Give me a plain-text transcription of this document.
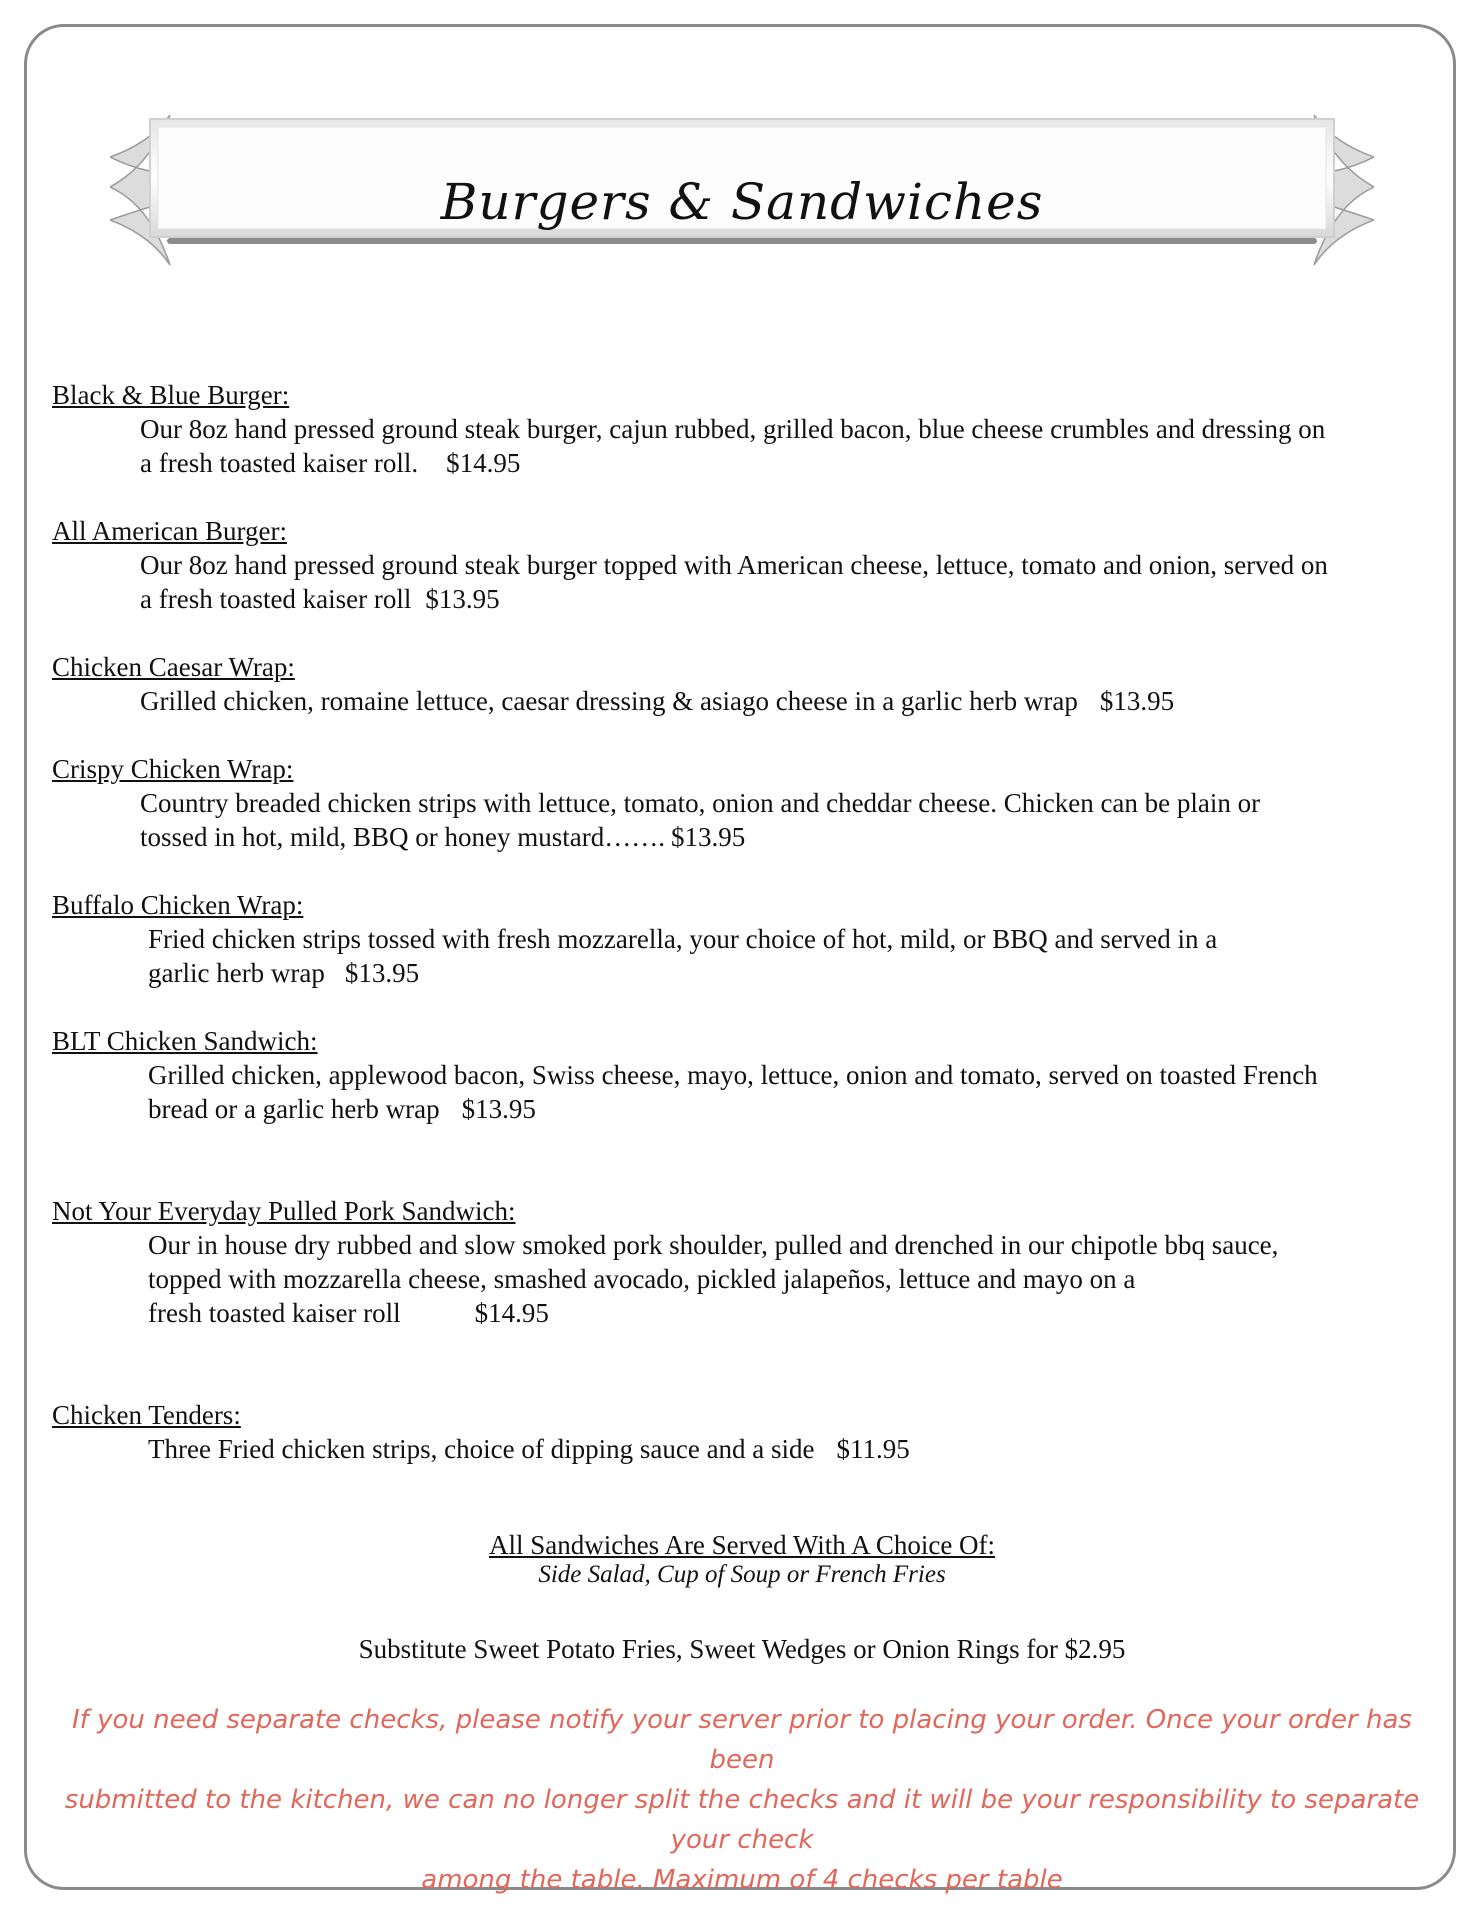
Burgers & Sandwiches
Black & Blue Burger:
Our 8oz hand pressed ground steak burger, cajun rubbed, grilled bacon, blue cheese crumbles and dressing on
a fresh toasted kaiser roll. $14.95
All American Burger:
Our 8oz hand pressed ground steak burger topped with American cheese, lettuce, tomato and onion, served on
a fresh toasted kaiser roll $13.95
Chicken Caesar Wrap:
Grilled chicken, romaine lettuce, caesar dressing & asiago cheese in a garlic herb wrap $13.95
Crispy Chicken Wrap:
Country breaded chicken strips with lettuce, tomato, onion and cheddar cheese. Chicken can be plain or
tossed in hot, mild, BBQ or honey mustard……. $13.95
Buffalo Chicken Wrap:
Fried chicken strips tossed with fresh mozzarella, your choice of hot, mild, or BBQ and served in a
garlic herb wrap $13.95
BLT Chicken Sandwich:
Grilled chicken, applewood bacon, Swiss cheese, mayo, lettuce, onion and tomato, served on toasted French
bread or a garlic herb wrap $13.95
Not Your Everyday Pulled Pork Sandwich:
Our in house dry rubbed and slow smoked pork shoulder, pulled and drenched in our chipotle bbq sauce,
topped with mozzarella cheese, smashed avocado, pickled jalapeños, lettuce and mayo on a
fresh toasted kaiser roll	$14.95
Chicken Tenders:
Three Fried chicken strips, choice of dipping sauce and a side $11.95
All Sandwiches Are Served With A Choice Of:
Side Salad, Cup of Soup or French Fries
Substitute Sweet Potato Fries, Sweet Wedges or Onion Rings for $2.95
If you need separate checks, please notify your server prior to placing your order. Once your order has been
submitted to the kitchen, we can no longer split the checks and it will be your responsibility to separate your check
among the table. Maximum of 4 checks per table
